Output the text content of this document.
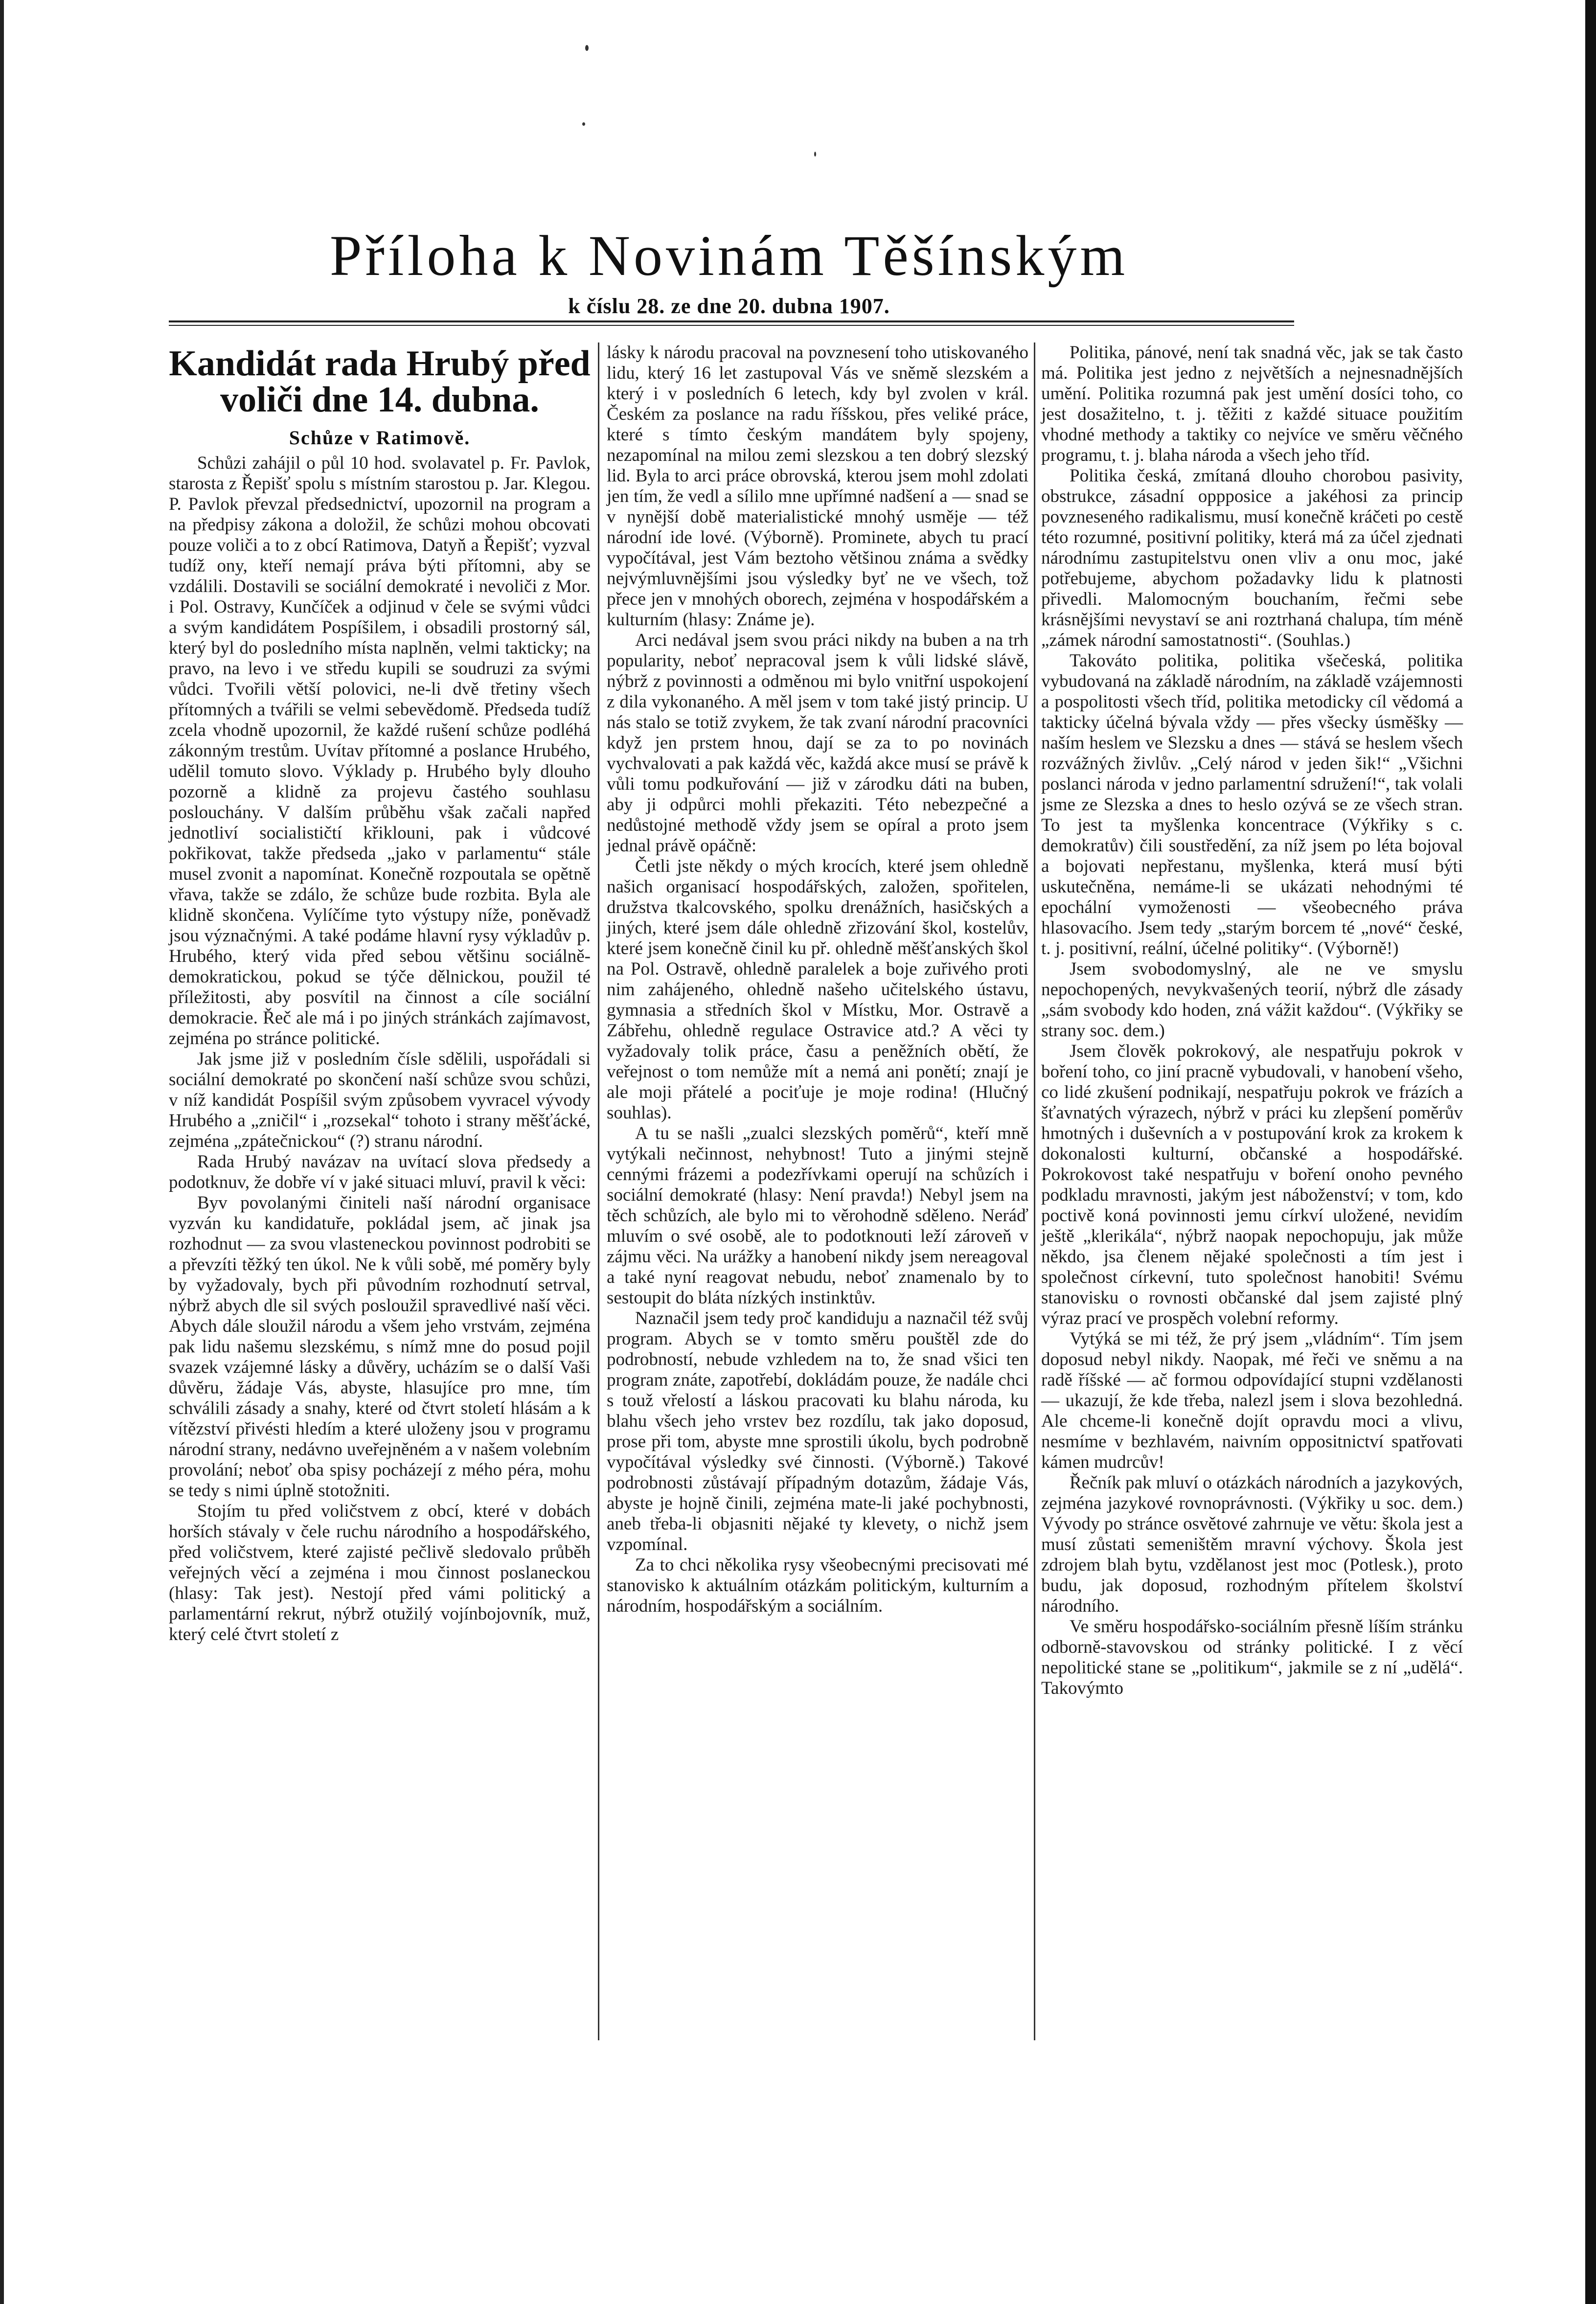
Příloha k Novinám Těšínským
k číslu 28. ze dne 20. dubna 1907.
Kandidát rada Hrubý před voliči dne 14. dubna.
Schůze v Ratimově.

Schůzi zahájil o půl 10 hod. svolavatel p. Fr. Pavlok, starosta z Řepišť spolu s místním starostou p. Jar. Klegou. P. Pavlok převzal předsednictví, upozornil na program a na předpisy zákona a doložil, že schůzi mohou obcovati pouze voliči a to z obcí Ratimova, Datyň a Řepišť; vyzval tudíž ony, kteří nemají práva býti přítomni, aby se vzdálili. Dostavili se sociální demokraté i nevoliči z Mor. i Pol. Ostravy, Kunčíček a odjinud v čele se svými vůdci a svým kandidátem Pospíšilem, i obsadili prostorný sál, který byl do posledního místa naplněn, velmi takticky; na pravo, na levo i ve středu kupili se soudruzi za svými vůdci. Tvořili větší polovici, ne-li dvě třetiny všech přítomných a tvářili se velmi sebevědomě. Předseda tudíž zcela vhodně upozornil, že každé rušení schůze podléhá zákonným trestům. Uvítav přítomné a poslance Hrubého, udělil tomuto slovo. Výklady p. Hrubého byly dlouho pozorně a klidně za projevu častého souhlasu poslouchány. V dalším průběhu však začali napřed jednotliví socialističtí křiklouni, pak i vůdcové pokřikovat, takže předseda „jako v parlamentu“ stále musel zvonit a napomínat. Konečně rozpoutala se opětně vřava, takže se zdálo, že schůze bude rozbita. Byla ale klidně skončena. Vylíčíme tyto výstupy níže, poněvadž jsou význačnými. A také podáme hlavní rysy výkladův p. Hrubého, který vida před sebou většinu sociálně-demokratickou, pokud se týče dělnickou, použil té příležitosti, aby posvítil na činnost a cíle sociální demokracie. Řeč ale má i po jiných stránkách zajímavost, zejména po stránce politické.

Jak jsme již v posledním čísle sdělili, uspořádali si sociální demokraté po skončení naší schůze svou schůzi, v níž kandidát Pospíšil svým způsobem vyvracel vývody Hrubého a „zničil“ i „rozsekal“ tohoto i strany měšťácké, zejména „zpátečnickou“ (?) stranu národní.

Rada Hrubý navázav na uvítací slova předsedy a podotknuv, že dobře ví v jaké situaci mluví, pravil k věci:

Byv povolanými činiteli naší národní organisace vyzván ku kandidatuře, pokládal jsem, ač jinak jsa rozhodnut — za svou vlasteneckou povinnost podrobiti se a převzíti těžký ten úkol. Ne k vůli sobě, mé poměry byly by vyžadovaly, bych při původním rozhodnutí setrval, nýbrž abych dle sil svých posloužil spravedlivé naší věci. Abych dále sloužil národu a všem jeho vrstvám, zejména pak lidu našemu slezskému, s nímž mne do posud pojil svazek vzájemné lásky a důvěry, ucházím se o další Vaši důvěru, žádaje Vás, abyste, hlasujíce pro mne, tím schválili zásady a snahy, které od čtvrt století hlásám a k vítězství přivésti hledím a které uloženy jsou v programu národní strany, nedávno uveřejněném a v našem volebním provolání; neboť oba spisy pocházejí z mého péra, mohu se tedy s nimi úplně stotožniti.

Stojím tu před voličstvem z obcí, které v dobách horších stávaly v čele ruchu národního a hospodářského, před voličstvem, které zajisté pečlivě sledovalo průběh veřejných věcí a zejména i mou činnost poslaneckou (hlasy: Tak jest). Nestojí před vámi politický a parlamentární rekrut, nýbrž otužilý vojínbojovník, muž, který celé čtvrt století z

lásky k národu pracoval na povznesení toho utiskovaného lidu, který 16 let zastupoval Vás ve sněmě slezském a který i v posledních 6 letech, kdy byl zvolen v král. Českém za poslance na radu říšskou, přes veliké práce, které s tímto českým mandátem byly spojeny, nezapomínal na milou zemi slezskou a ten dobrý slezský lid. Byla to arci práce obrovská, kterou jsem mohl zdolati jen tím, že vedl a sílilo mne upřímné nadšení a — snad se v nynější době materialistické mnohý usměje — též národní ide lové. (Výborně). Prominete, abych tu prací vypočítával, jest Vám beztoho většinou známa a svědky nejvýmluvnějšími jsou výsledky byť ne ve všech, tož přece jen v mnohých oborech, zejména v hospodářském a kulturním (hlasy: Známe je).

Arci nedával jsem svou práci nikdy na buben a na trh popularity, neboť nepracoval jsem k vůli lidské slávě, nýbrž z povinnosti a odměnou mi bylo vnitřní uspokojení z dila vykonaného. A měl jsem v tom také jistý princip. U nás stalo se totiž zvykem, že tak zvaní národní pracovníci když jen prstem hnou, dají se za to po novinách vychvalovati a pak každá věc, každá akce musí se právě k vůli tomu podkuřování — již v zárodku dáti na buben, aby ji odpůrci mohli překaziti. Této nebezpečné a nedůstojné methodě vždy jsem se opíral a proto jsem jednal právě opáčně:

Četli jste někdy o mých krocích, které jsem ohledně našich organisací hospodářských, založen, spořitelen, družstva tkalcovského, spolku drenážních, hasičských a jiných, které jsem dále ohledně zřizování škol, kostelův, které jsem konečně činil ku př. ohledně měšťanských škol na Pol. Ostravě, ohledně paralelek a boje zuřivého proti nim zahájeného, ohledně našeho učitelského ústavu, gymnasia a středních škol v Místku, Mor. Ostravě a Zábřehu, ohledně regulace Ostravice atd.? A věci ty vyžadovaly tolik práce, času a peněžních obětí, že veřejnost o tom nemůže mít a nemá ani ponětí; znají je ale moji přátelé a pociťuje je moje rodina! (Hlučný souhlas).

A tu se našli „zualci slezských poměrů“, kteří mně vytýkali nečinnost, nehybnost! Tuto a jinými stejně cennými frázemi a podezřívkami operují na schůzích i sociální demokraté (hlasy: Není pravda!) Nebyl jsem na těch schůzích, ale bylo mi to věrohodně sděleno. Neráď mluvím o své osobě, ale to podotknouti leží zároveň v zájmu věci. Na urážky a hanobení nikdy jsem nereagoval a také nyní reagovat nebudu, neboť znamenalo by to sestoupit do bláta nízkých instinktův.

Naznačil jsem tedy proč kandiduju a naznačil též svůj program. Abych se v tomto směru pouštěl zde do podrobností, nebude vzhledem na to, že snad všici ten program znáte, zapotřebí, dokládám pouze, že nadále chci s touž vřelostí a láskou pracovati ku blahu národa, ku blahu všech jeho vrstev bez rozdílu, tak jako doposud, prose při tom, abyste mne sprostili úkolu, bych podrobně vypočítával výsledky své činnosti. (Výborně.) Takové podrobnosti zůstávají případným dotazům, žádaje Vás, abyste je hojně činili, zejména mate-li jaké pochybnosti, aneb třeba-li objasniti nějaké ty klevety, o nichž jsem vzpomínal.

Za to chci několika rysy všeobecnými precisovati mé stanovisko k aktuálním otázkám politickým, kulturním a národním, hospodářským a sociálním.

Politika, pánové, není tak snadná věc, jak se tak často má. Politika jest jedno z největších a nejnesnadnějších umění. Politika rozumná pak jest umění dosíci toho, co jest dosažitelno, t. j. těžiti z každé situace použitím vhodné methody a taktiky co nejvíce ve směru věčného programu, t. j. blaha národa a všech jeho tříd.

Politika česká, zmítaná dlouho chorobou pasivity, obstrukce, zásadní oppposice a jakéhosi za princip povzneseného radikalismu, musí konečně kráčeti po cestě této rozumné, positivní politiky, která má za účel zjednati národnímu zastupitelstvu onen vliv a onu moc, jaké potřebujeme, abychom požadavky lidu k platnosti přivedli. Malomocným bouchaním, řečmi sebe krásnějšími nevystaví se ani roztrhaná chalupa, tím méně „zámek národní samostatnosti“. (Souhlas.)

Takováto politika, politika všečeská, politika vybudovaná na základě národním, na základě vzájemnosti a pospolitosti všech tříd, politika metodicky cíl vědomá a takticky účelná bývala vždy — přes všecky úsměšky — naším heslem ve Slezsku a dnes — stává se heslem všech rozvážných živlův. „Celý národ v jeden šik!“ „Všichni poslanci národa v jedno parlamentní sdružení!“, tak volali jsme ze Slezska a dnes to heslo ozývá se ze všech stran. To jest ta myšlenka koncentrace (Výkřiky s c. demokratův) čili soustředění, za níž jsem po léta bojoval a bojovati nepřestanu, myšlenka, která musí býti uskutečněna, nemáme-li se ukázati nehodnými té epochální vymoženosti — všeobecného práva hlasovacího. Jsem tedy „starým borcem té „nové“ české, t. j. positivní, reální, účelné politiky“. (Výborně!)

Jsem svobodomyslný, ale ne ve smyslu nepochopených, nevykvašených teorií, nýbrž dle zásady „sám svobody kdo hoden, zná vážit každou“. (Výkřiky se strany soc. dem.)

Jsem člověk pokrokový, ale nespatřuju pokrok v boření toho, co jiní pracně vybudovali, v hanobení všeho, co lidé zkušení podnikají, nespatřuju pokrok ve frázích a šťavnatých výrazech, nýbrž v práci ku zlepšení poměrův hmotných i duševních a v postupování krok za krokem k dokonalosti kulturní, občanské a hospodářské. Pokrokovost také nespatřuju v boření onoho pevného podkladu mravnosti, jakým jest náboženství; v tom, kdo poctivě koná povinnosti jemu církví uložené, nevidím ještě „klerikála“, nýbrž naopak nepochopuju, jak může někdo, jsa členem nějaké společnosti a tím jest i společnost církevní, tuto společnost hanobiti! Svému stanovisku o rovnosti občanské dal jsem zajisté plný výraz prací ve prospěch volební reformy.

Vytýká se mi též, že prý jsem „vládním“. Tím jsem doposud nebyl nikdy. Naopak, mé řeči ve sněmu a na radě říšské — ač formou odpovídající stupni vzdělanosti — ukazují, že kde třeba, nalezl jsem i slova bezohledná. Ale chceme-li konečně dojít opravdu moci a vlivu, nesmíme v bezhlavém, naivním oppositnictví spatřovati kámen mudrcův!

Řečník pak mluví o otázkách národních a jazykových, zejména jazykové rovnoprávnosti. (Výkřiky u soc. dem.) Vývody po stránce osvětové zahrnuje ve větu: škola jest a musí zůstati semeništěm mravní výchovy. Škola jest zdrojem blah bytu, vzdělanost jest moc (Potlesk.), proto budu, jak doposud, rozhodným přítelem školství národního.

Ve směru hospodářsko-sociálním přesně líším stránku odborně-stavovskou od stránky politické. I z věcí nepolitické stane se „politikum“, jakmile se z ní „udělá“. Takovýmto
